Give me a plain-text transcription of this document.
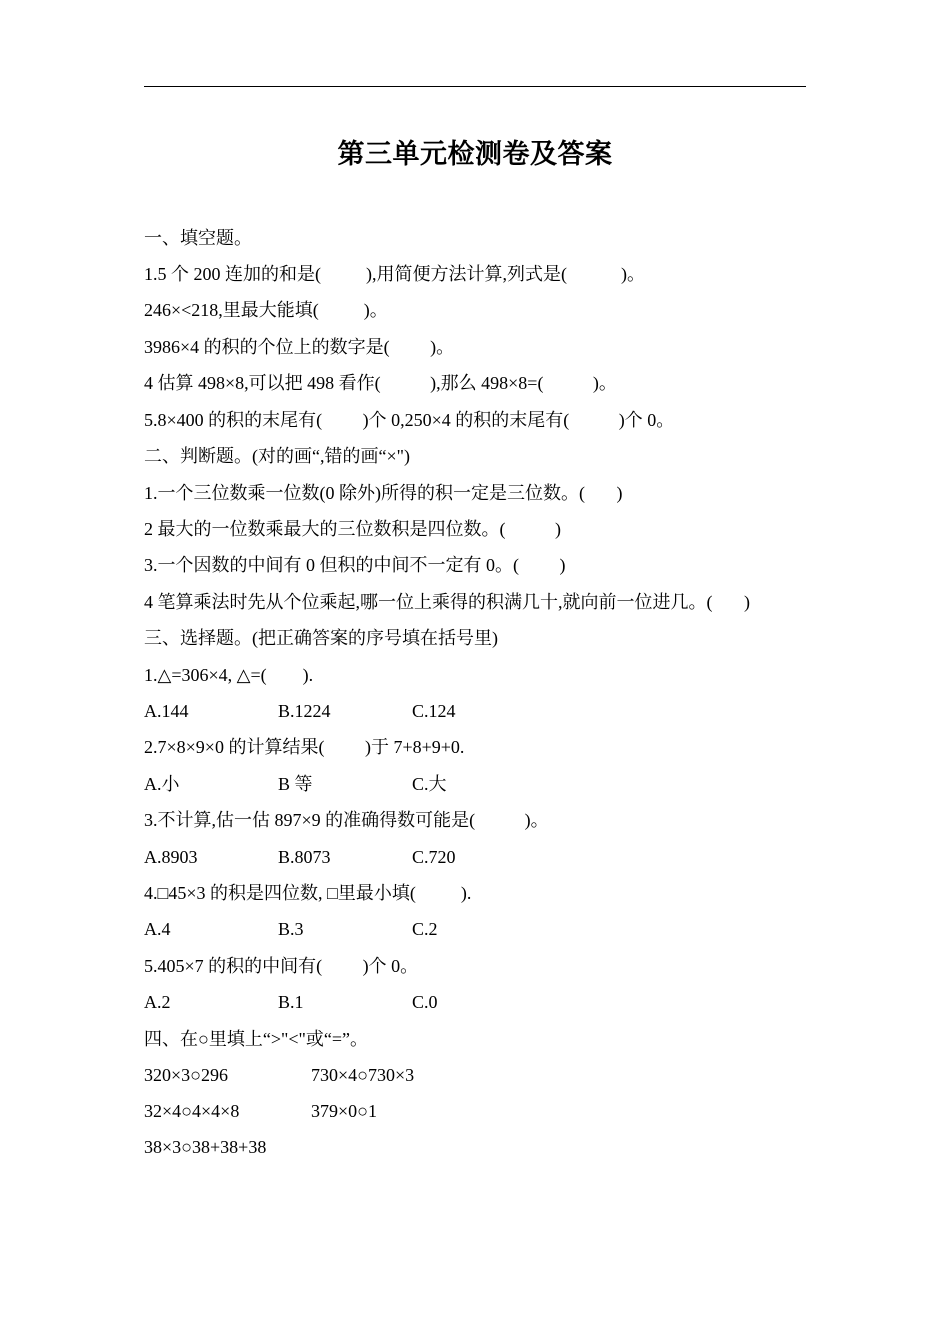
第三单元检测卷及答案
一、填空题。
1.5 个 200 连加的和是(          ),用简便方法计算,列式是(            )。
246×<218,里最大能填(          )。
3986×4 的积的个位上的数字是(         )。
4 估算 498×8,可以把 498 看作(           ),那么 498×8=(           )。
5.8×400 的积的末尾有(         )个 0,250×4 的积的末尾有(           )个 0。
二、判断题。(对的画“,错的画“×")
1.一个三位数乘一位数(0 除外)所得的积一定是三位数。(       )
2 最大的一位数乘最大的三位数积是四位数。(           )
3.一个因数的中间有 0 但积的中间不一定有 0。(         )
4 笔算乘法时先从个位乘起,哪一位上乘得的积满几十,就向前一位进几。(       )
三、选择题。(把正确答案的序号填在括号里)
1.△=306×4, △=(        ).
A.144	B.1224	C.124
2.7×8×9×0 的计算结果(         )于 7+8+9+0.
A.小	B 等	C.大
3.不计算,估一估 897×9 的准确得数可能是(           )。
A.8903	B.8073	C.720
4.□45×3 的积是四位数, □里最小填(          ).
A.4	B.3	C.2
5.405×7 的积的中间有(         )个 0。
A.2	B.1	C.0
四、在○里填上“>"<"或“=”。
320×3○296	730×4○730×3
32×4○4×4×8	379×0○1
38×3○38+38+38
